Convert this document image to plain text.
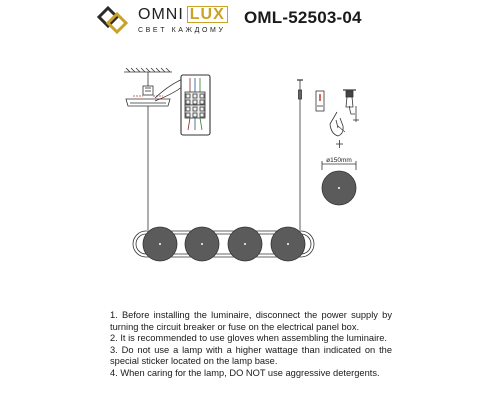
OMNI LUX
СВЕТ КАЖДОМУ
OML-52503-04
ø150mm

1. Before installing the luminaire, disconnect the power supply by turning the circuit breaker or fuse on the electrical panel box.

2. It is recommended to use gloves when assembling the luminaire.

3. Do not use a lamp with a higher wattage than indicated on the special sticker located on the lamp base.

4. When caring for the lamp, DO NOT use aggressive detergents.
